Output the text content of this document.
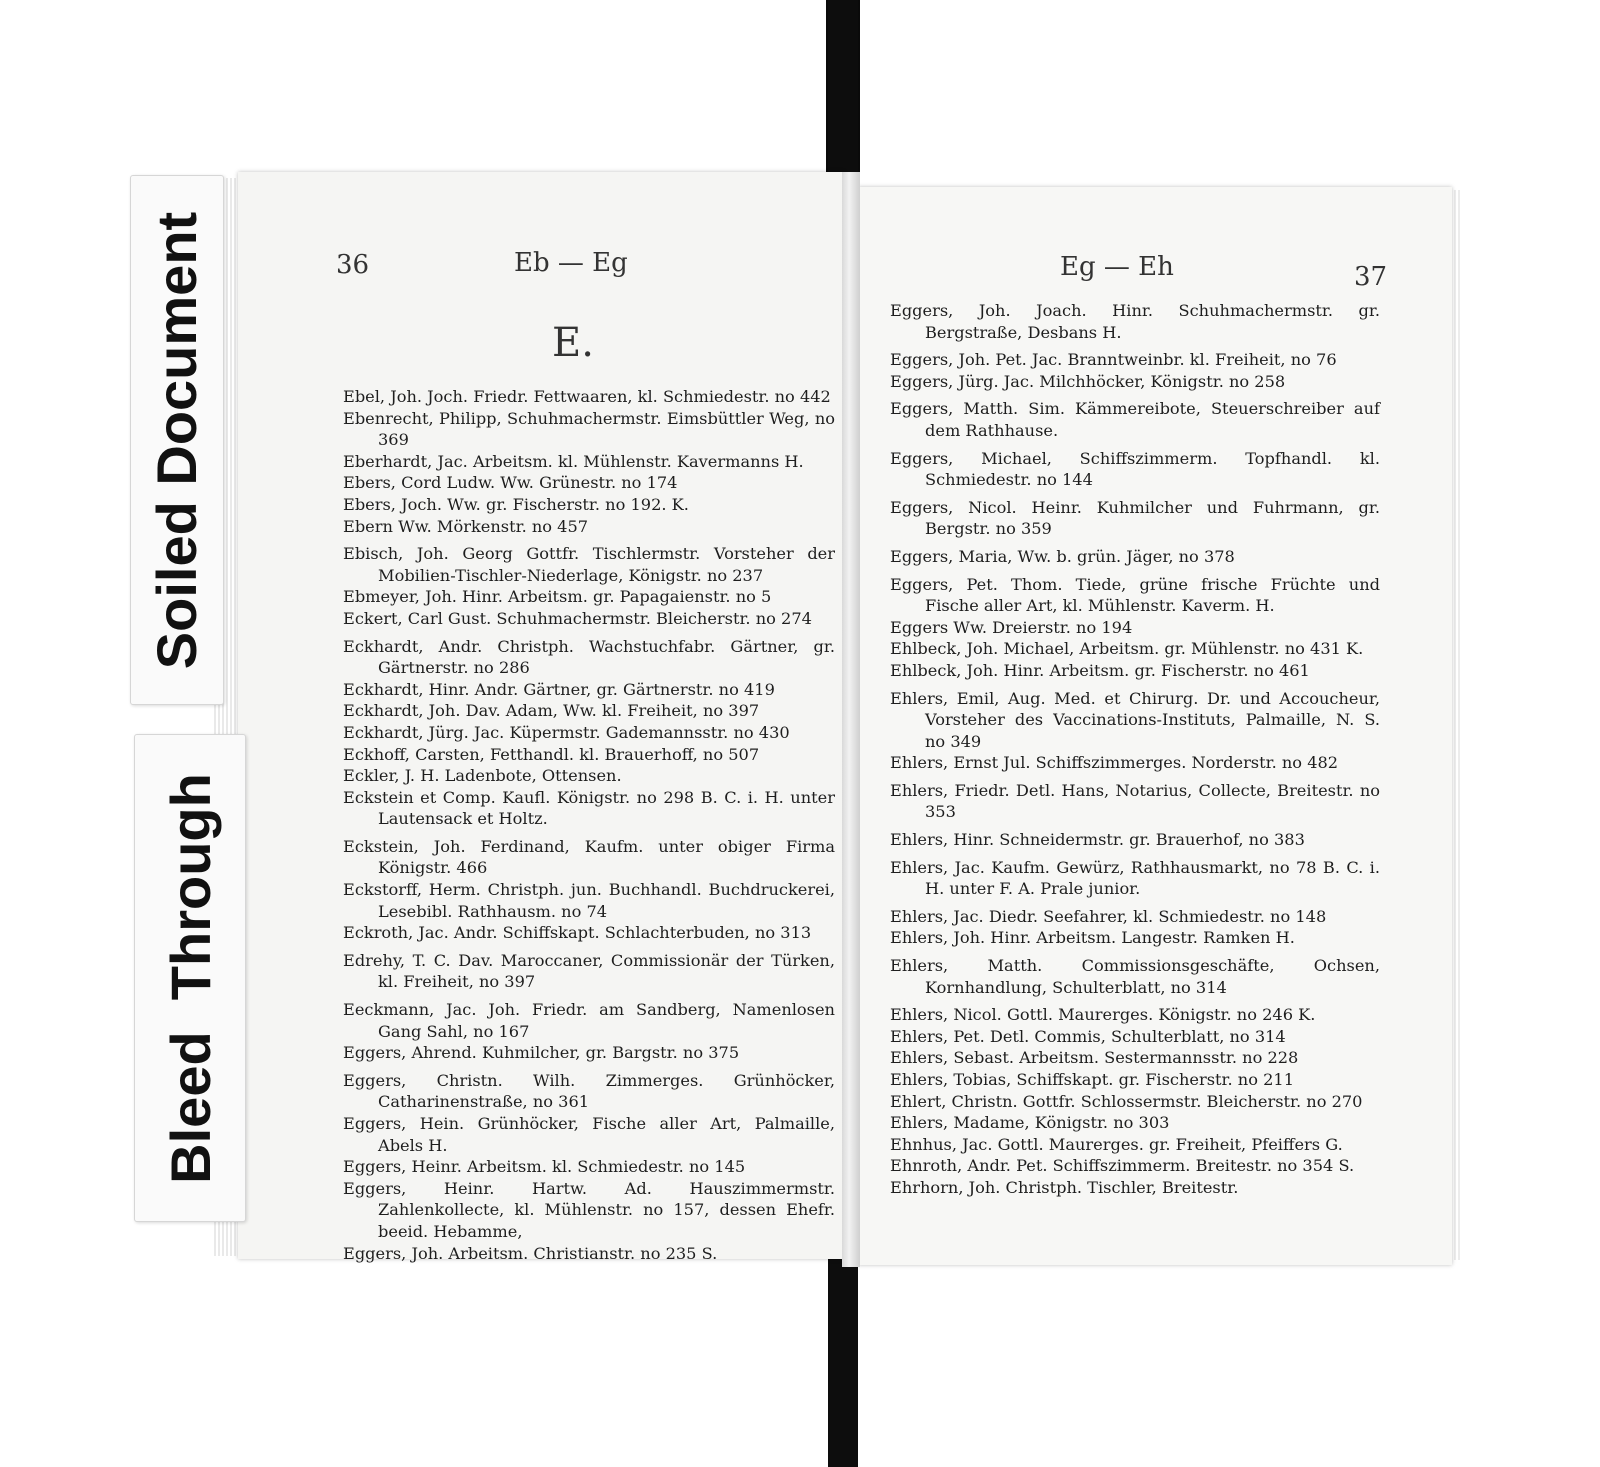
Soiled Document
Bleed  Through
36	Eb — Eg
E.
Eg — Eh	37

Ebel, Joh. Joch. Friedr. Fettwaaren, kl. Schmiedestr. no 442

Ebenrecht, Philipp, Schuhmachermstr. Eimsbüttler Weg, no 369

Eberhardt, Jac. Arbeitsm. kl. Mühlenstr. Kavermanns H.

Ebers, Cord Ludw. Ww. Grünestr. no 174

Ebers, Joch. Ww. gr. Fischerstr. no 192. K.

Ebern Ww. Mörkenstr. no 457

Ebisch, Joh. Georg Gottfr. Tischlermstr. Vorsteher der Mobilien-Tischler-Niederlage, Königstr. no 237

Ebmeyer, Joh. Hinr. Arbeitsm. gr. Papagaienstr. no 5

Eckert, Carl Gust. Schuhmachermstr. Bleicherstr. no 274

Eckhardt, Andr. Christph. Wachstuchfabr. Gärtner, gr. Gärtnerstr. no 286

Eckhardt, Hinr. Andr. Gärtner, gr. Gärtnerstr. no 419

Eckhardt, Joh. Dav. Adam, Ww. kl. Freiheit, no 397

Eckhardt, Jürg. Jac. Küpermstr. Gademannsstr. no 430

Eckhoff, Carsten, Fetthandl. kl. Brauerhoff, no 507

Eckler, J. H. Ladenbote, Ottensen.

Eckstein et Comp. Kaufl. Königstr. no 298 B. C. i. H. unter Lautensack et Holtz.

Eckstein, Joh. Ferdinand, Kaufm. unter obiger Firma Königstr. 466

Eckstorff, Herm. Christph. jun. Buchhandl. Buchdruckerei, Lesebibl. Rathhausm. no 74

Eckroth, Jac. Andr. Schiffskapt. Schlachterbuden, no 313

Edrehy, T. C. Dav. Maroccaner, Commissionär der Türken, kl. Freiheit, no 397

Eeckmann, Jac. Joh. Friedr. am Sandberg, Namenlosen Gang Sahl, no 167

Eggers, Ahrend. Kuhmilcher, gr. Bargstr. no 375

Eggers, Christn. Wilh. Zimmerges. Grünhöcker, Catharinenstraße, no 361

Eggers, Hein. Grünhöcker, Fische aller Art, Palmaille, Abels H.

Eggers, Heinr. Arbeitsm. kl. Schmiedestr. no 145

Eggers, Heinr. Hartw. Ad. Hauszimmermstr. Zahlenkollecte, kl. Mühlenstr. no 157, dessen Ehefr. beeid. Hebamme,

Eggers, Joh. Arbeitsm. Christianstr. no 235 S.

Eggers, Joh. Joach. Hinr. Schuhmachermstr. gr. Bergstraße, Desbans H.

Eggers, Joh. Pet. Jac. Branntweinbr. kl. Freiheit, no 76

Eggers, Jürg. Jac. Milchhöcker, Königstr. no 258

Eggers, Matth. Sim. Kämmereibote, Steuerschreiber auf dem Rathhause.

Eggers, Michael, Schiffszimmerm. Topfhandl. kl. Schmiedestr. no 144

Eggers, Nicol. Heinr. Kuhmilcher und Fuhrmann, gr. Bergstr. no 359

Eggers, Maria, Ww. b. grün. Jäger, no 378

Eggers, Pet. Thom. Tiede, grüne frische Früchte und Fische aller Art, kl. Mühlenstr. Kaverm. H.

Eggers Ww. Dreierstr. no 194

Ehlbeck, Joh. Michael, Arbeitsm. gr. Mühlenstr. no 431 K.

Ehlbeck, Joh. Hinr. Arbeitsm. gr. Fischerstr. no 461

Ehlers, Emil, Aug. Med. et Chirurg. Dr. und Accoucheur, Vorsteher des Vaccinations-Instituts, Palmaille, N. S. no 349

Ehlers, Ernst Jul. Schiffszimmerges. Norderstr. no 482

Ehlers, Friedr. Detl. Hans, Notarius, Collecte, Breitestr. no 353

Ehlers, Hinr. Schneidermstr. gr. Brauerhof, no 383

Ehlers, Jac. Kaufm. Gewürz, Rathhausmarkt, no 78 B. C. i. H. unter F. A. Prale junior.

Ehlers, Jac. Diedr. Seefahrer, kl. Schmiedestr. no 148

Ehlers, Joh. Hinr. Arbeitsm. Langestr. Ramken H.

Ehlers, Matth. Commissionsgeschäfte, Ochsen, Kornhandlung, Schulterblatt, no 314

Ehlers, Nicol. Gottl. Maurerges. Königstr. no 246 K.

Ehlers, Pet. Detl. Commis, Schulterblatt, no 314

Ehlers, Sebast. Arbeitsm. Sestermannsstr. no 228

Ehlers, Tobias, Schiffskapt. gr. Fischerstr. no 211

Ehlert, Christn. Gottfr. Schlossermstr. Bleicherstr. no 270

Ehlers, Madame, Königstr. no 303

Ehnhus, Jac. Gottl. Maurerges. gr. Freiheit, Pfeiffers G.

Ehnroth, Andr. Pet. Schiffszimmerm. Breitestr. no 354 S.

Ehrhorn, Joh. Christph. Tischler, Breitestr.
